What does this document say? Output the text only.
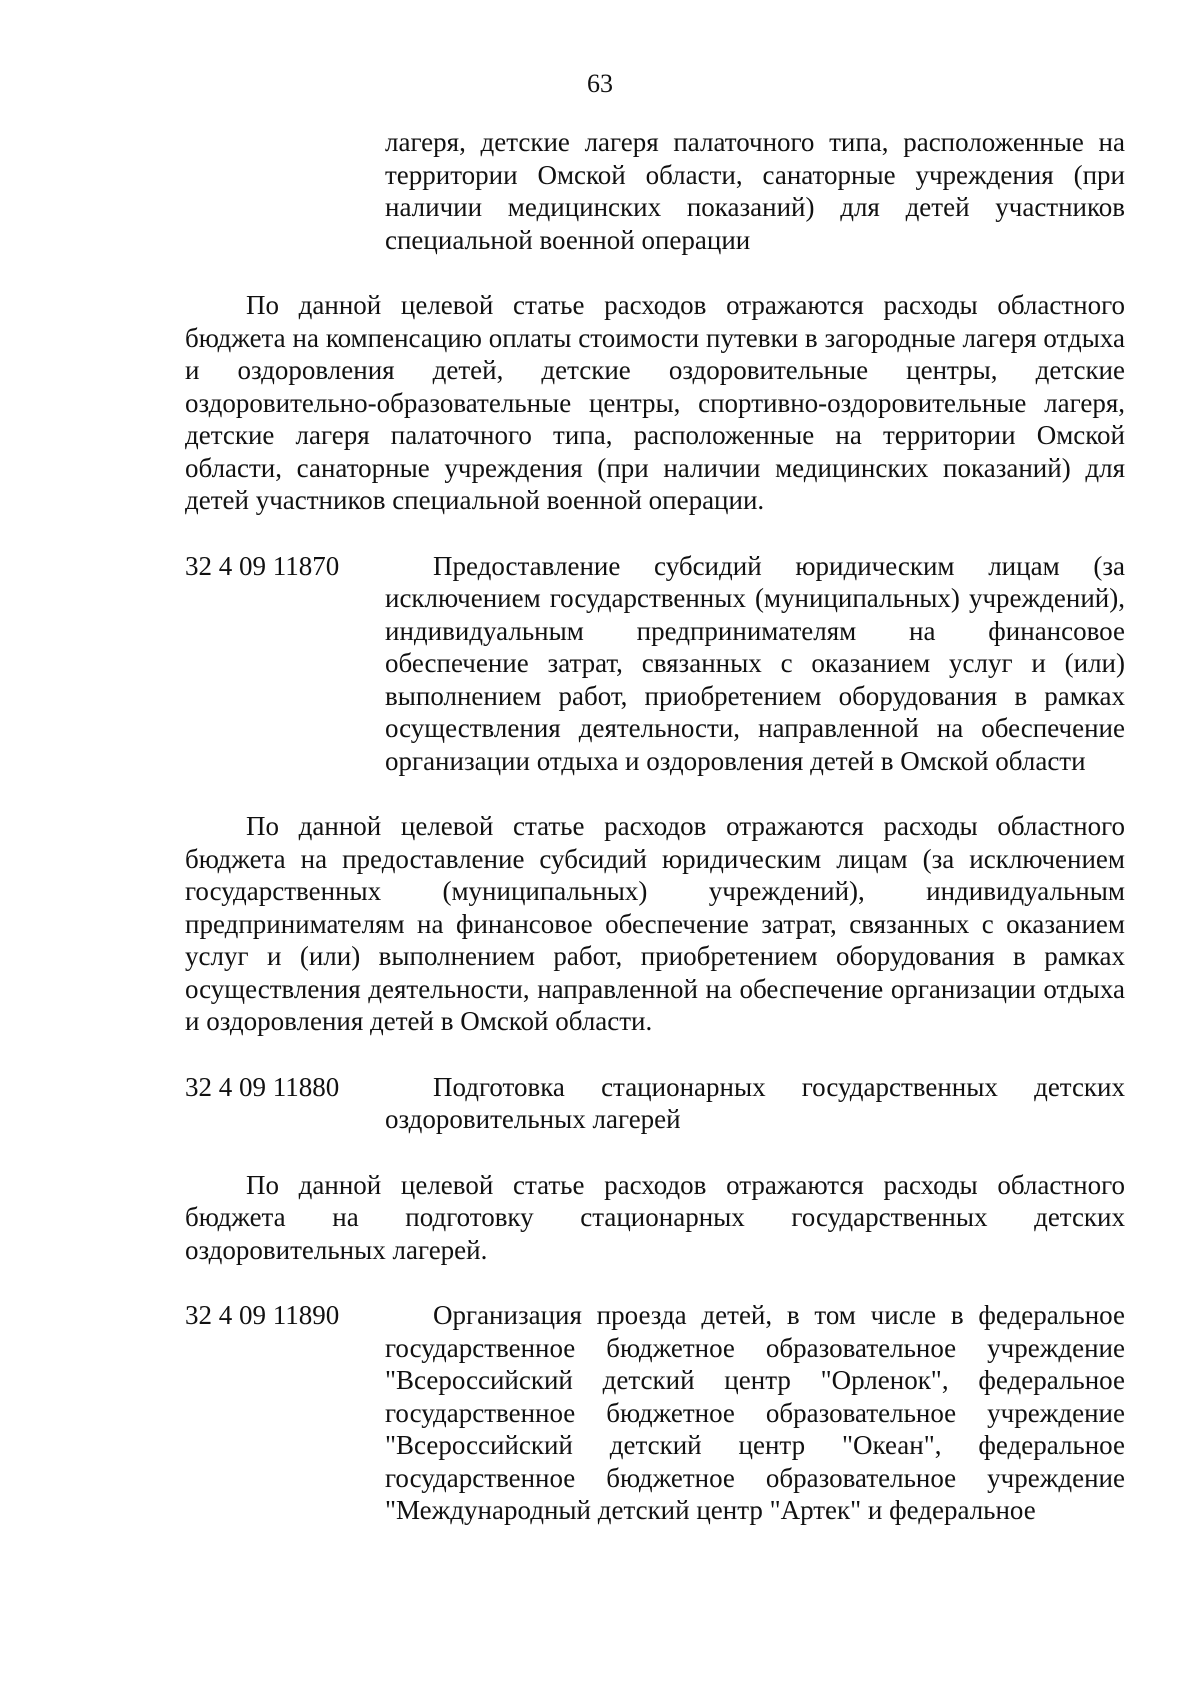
63

лагеря, детские лагеря палаточного типа, расположенные на территории Омской области, санаторные учреждения (при наличии медицинских показаний) для детей участников специальной военной операции

По данной целевой статье расходов отражаются расходы областного бюджета на компенсацию оплаты стоимости путевки в загородные лагеря отдыха и оздоровления детей, детские оздоровительные центры, детские оздоровительно-образовательные центры, спортивно-оздоровительные лагеря, детские лагеря палаточного типа, расположенные на территории Омской области, санаторные учреждения (при наличии медицинских показаний) для детей участников специальной военной операции.

32 4 09 11870	Предоставление субсидий юридическим лицам (за исключением государственных (муниципальных) учреждений), индивидуальным предпринимателям на финансовое обеспечение затрат, связанных с оказанием услуг и (или) выполнением работ, приобретением оборудования в рамках осуществления деятельности, направленной на обеспечение организации отдыха и оздоровления детей в Омской области

По данной целевой статье расходов отражаются расходы областного бюджета на предоставление субсидий юридическим лицам (за исключением государственных (муниципальных) учреждений), индивидуальным предпринимателям на финансовое обеспечение затрат, связанных с оказанием услуг и (или) выполнением работ, приобретением оборудования в рамках осуществления деятельности, направленной на обеспечение организации отдыха и оздоровления детей в Омской области.

32 4 09 11880	Подготовка стационарных государственных детских оздоровительных лагерей

По данной целевой статье расходов отражаются расходы областного бюджета на подготовку стационарных государственных детских оздоровительных лагерей.

32 4 09 11890	Организация проезда детей, в том числе в федеральное государственное бюджетное образовательное учреждение "Всероссийский детский центр "Орленок", федеральное государственное бюджетное образовательное учреждение "Всероссийский детский центр "Океан", федеральное государственное бюджетное образовательное учреждение "Международный детский центр "Артек" и федеральное
